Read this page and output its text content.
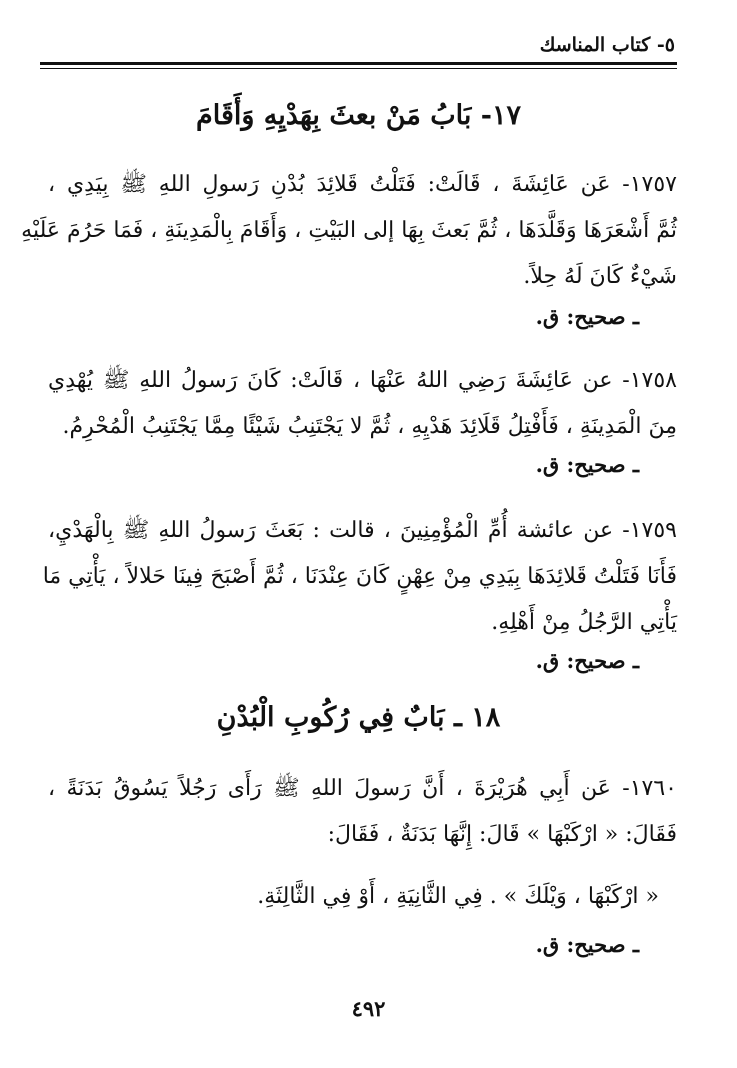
٥- كتاب المناسك
١٧- بَابُ مَنْ بعثَ بِهَدْيِهِ وَأَقَامَ
١٧٥٧- عَن عَائِشَةَ ، قَالَتْ: فَتَلْتُ قَلائِدَ بُدْنِ رَسولِ اللهِ ﷺ بِيَدِي ،
ثُمَّ أَشْعَرَهَا وَقَلَّدَهَا ، ثُمَّ بَعثَ بِهَا إلى البَيْتِ ، وَأَقَامَ بِالْمَدِينَةِ ، فَمَا حَرُمَ عَلَيْهِ
شَيْءٌ كَانَ لَهُ حِلاً.
ـ صحيح: ق.
١٧٥٨- عن عَائِشَةَ رَضِي اللهُ عَنْهَا ، قَالَتْ: كَانَ رَسولُ اللهِ ﷺ يُهْدِي
مِنَ الْمَدِينَةِ ، فَأَفْتِلُ قَلَائِدَ هَدْيِهِ ، ثُمَّ لا يَجْتَنِبُ شَيْئًا مِمَّا يَجْتَنِبُ الْمُحْرِمُ.
ـ صحيح: ق.
١٧٥٩- عن عائشة أُمِّ الْمُؤْمِنِينَ ، قالت : بَعَثَ رَسولُ اللهِ ﷺ بِالْهَدْيِ،
فَأَنَا فَتَلْتُ قَلائِدَهَا بِيَدِي مِنْ عِهْنٍ كَانَ عِنْدَنَا ، ثُمَّ أَصْبَحَ فِينَا حَلالاً ، يَأْتِي مَا
يَأْتِي الرَّجُلُ مِنْ أَهْلِهِ.
ـ صحيح: ق.
١٨ ـ بَابٌ فِي رُكُوبِ الْبُدْنِ
١٧٦٠- عَن أَبِي هُرَيْرَةَ ، أَنَّ رَسولَ اللهِ ﷺ رَأَى رَجُلاً يَسُوقُ بَدَنَةً ،
فَقَالَ: « ارْكَبْهَا » قَالَ: إِنَّهَا بَدَنَةٌ ، فَقَالَ:
« ارْكَبْهَا ، وَيْلَكَ » . فِي الثَّانِيَةِ ، أَوْ فِي الثَّالِثَةِ.
ـ صحيح: ق.
٤٩٢
